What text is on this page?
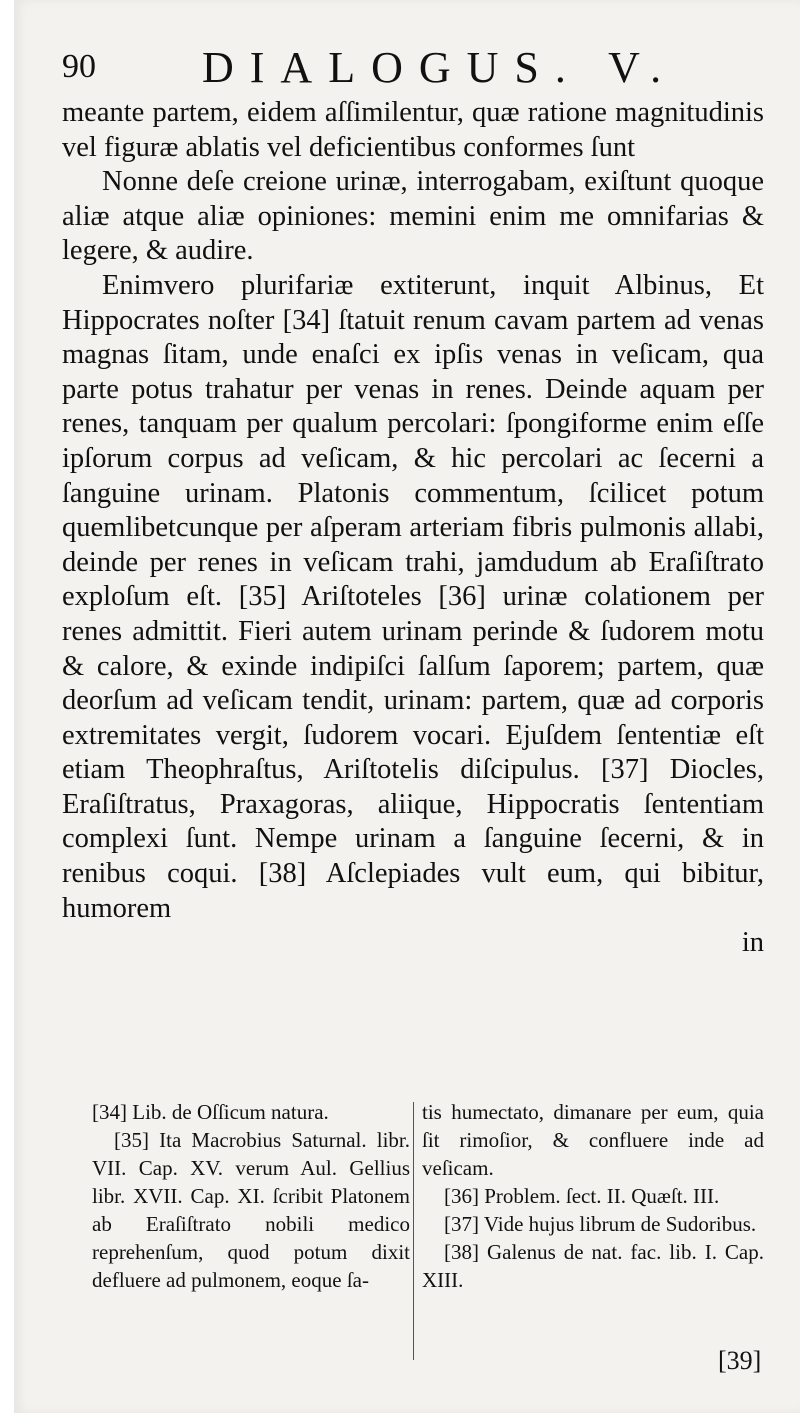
90 DIALOGUS. V.

meante partem, eidem aſſimilentur, quæ ratione magnitudinis vel figuræ ablatis vel deficientibus conformes ſunt

Nonne deſe creione urinæ, interrogabam, exiſtunt quoque aliæ atque aliæ opiniones: memini enim me omnifarias & legere, & audire.

Enimvero plurifariæ extiterunt, inquit Albinus, Et Hippocrates noſter [34] ſtatuit renum cavam partem ad venas magnas ſitam, unde enaſci ex ipſis venas in veſicam, qua parte potus trahatur per venas in renes. Deinde aquam per renes, tanquam per qualum percolari: ſpongiforme enim eſſe ipſorum corpus ad veſicam, & hic percolari ac ſecerni a ſanguine urinam. Platonis commentum, ſcilicet potum quemlibetcunque per aſperam arteriam fibris pulmonis allabi, deinde per renes in veſicam trahi, jamdudum ab Eraſiſtrato exploſum eſt. [35] Ariſtoteles [36] urinæ colationem per renes admittit. Fieri autem urinam perinde & ſudorem motu & calore, & exinde indipiſci ſalſum ſaporem; partem, quæ deorſum ad veſicam tendit, urinam: partem, quæ ad corporis extremitates vergit, ſudorem vocari. Ejuſdem ſententiæ eſt etiam Theophraſtus, Ariſtotelis diſcipulus. [37] Diocles, Eraſiſtratus, Praxagoras, aliique, Hippocratis ſententiam complexi ſunt. Nempe urinam a ſanguine ſecerni, & in renibus coqui. [38] Aſclepiades vult eum, qui bibitur, humorem

in

[34] Lib. de Oſſicum natura.

[35] Ita Macrobius Saturnal. libr. VII. Cap. XV. verum Aul. Gellius libr. XVII. Cap. XI. ſcribit Platonem ab Eraſiſtrato nobili medico reprehenſum, quod potum dixit defluere ad pulmonem, eoque ſa-

tis humectato, dimanare per eum, quia ſit rimoſior, & confluere inde ad veſicam.

[36] Problem. ſect. II. Quæſt. III.

[37] Vide hujus librum de Sudoribus.

[38] Galenus de nat. fac. lib. I. Cap. XIII.

[39]
